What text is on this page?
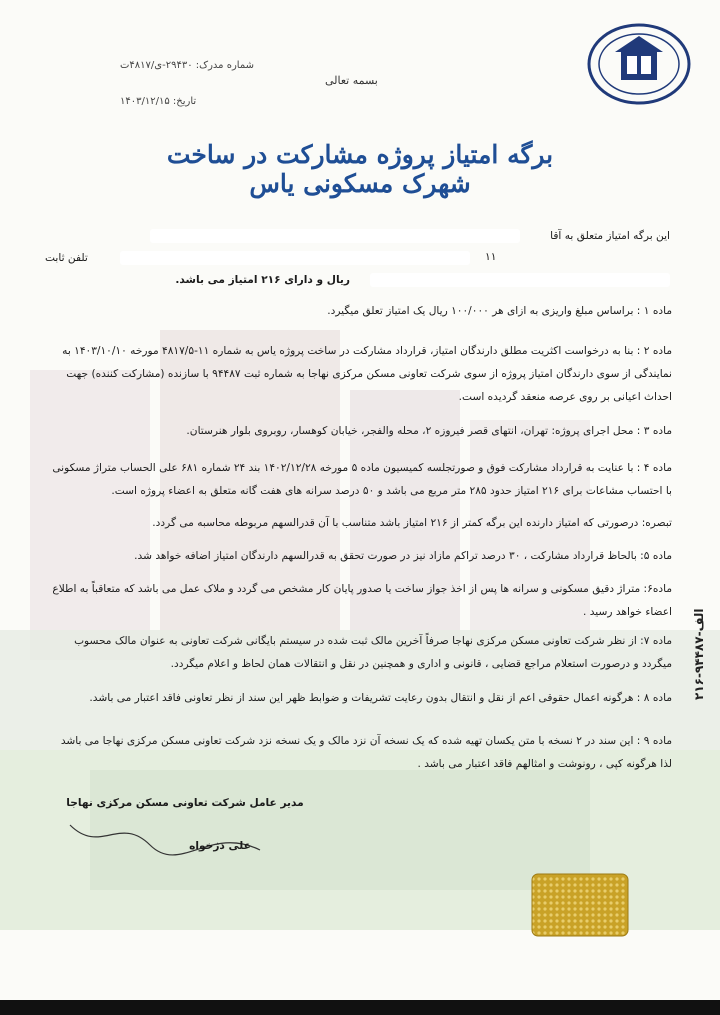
شماره مدرک: ۲۹۴۳۰-ی/۴۸۱۷ت
تاریخ: ۱۴۰۳/۱۲/۱۵
بسمه تعالی
برگه امتیاز پروژه مشارکت در ساخت شهرک مسکونی یاس
این برگه امتیاز متعلق به آقا
تلفن ثابت	۱۱
ریال و دارای ۲۱۶ امتیاز می باشد.
ماده ۱ : براساس مبلغ واریزی به ازای هر ۱۰۰/۰۰۰ ریال یک امتیاز تعلق میگیرد.
ماده ۲ : بنا به درخواست اکثریت مطلق دارندگان امتیاز، قرارداد مشارکت در ساخت پروژه یاس به شماره ۱۱-۴۸۱۷/۵ مورخه ۱۴۰۳/۱۰/۱۰ به نمایندگی از سوی دارندگان امتیاز پروژه از سوی شرکت تعاونی مسکن مرکزی نهاجا به شماره ثبت ۹۴۴۸۷ با سازنده (مشارکت کننده) جهت احداث اعیانی بر روی عرصه منعقد گردیده است.
ماده ۳ : محل اجرای پروژه: تهران، انتهای قصر فیروزه ۲، محله والفجر، خیابان کوهسار، روبروی بلوار هنرستان.
ماده ۴ : با عنایت به قرارداد مشارکت فوق و صورتجلسه کمیسیون ماده ۵ مورخه ۱۴۰۲/۱۲/۲۸ بند ۲۴ شماره ۶۸۱ علی الحساب متراژ مسکونی با احتساب مشاعات برای ۲۱۶ امتیاز حدود ۲۸۵ متر مربع می باشد و ۵۰ درصد سرانه های هفت گانه متعلق به اعضاء پروژه است.
تبصره: درصورتی که امتیاز دارنده این برگه کمتر از ۲۱۶ امتیاز باشد متناسب با آن قدرالسهم مربوطه محاسبه می گردد.
ماده ۵: بالحاظ قرارداد مشارکت ، ۳۰ درصد تراکم مازاد نیز در صورت تحقق به قدرالسهم دارندگان امتیاز اضافه خواهد شد.
ماده۶: متراژ دقیق مسکونی و سرانه ها پس از اخذ جواز ساخت یا صدور پایان کار مشخص می گردد و ملاک عمل می باشد که متعاقباً به اطلاع اعضاء خواهد رسید .
ماده ۷: از نظر شرکت تعاونی مسکن مرکزی نهاجا صرفاً آخرین مالک ثبت شده در سیستم بایگانی شرکت تعاونی به عنوان مالک محسوب میگردد و درصورت استعلام مراجع قضایی ، قانونی و اداری و همچنین در نقل و انتقالات همان لحاظ و اعلام میگردد.
ماده ۸ : هرگونه اعمال حقوقی اعم از نقل و انتقال بدون رعایت تشریفات و ضوابط ظهر این سند از نظر تعاونی فاقد اعتبار می باشد.
ماده ۹ : این سند در ۲ نسخه با متن یکسان تهیه شده که یک نسخه آن نزد مالک و یک نسخه نزد شرکت تعاونی مسکن مرکزی نهاجا می باشد لذا هرگونه کپی ، رونوشت و امثالهم فاقد اعتبار می باشد .
الف-۹۴۴۸۷-۲۱۶
مدیر عامل شرکت تعاونی مسکن مرکزی نهاجا
علی دژخواه
